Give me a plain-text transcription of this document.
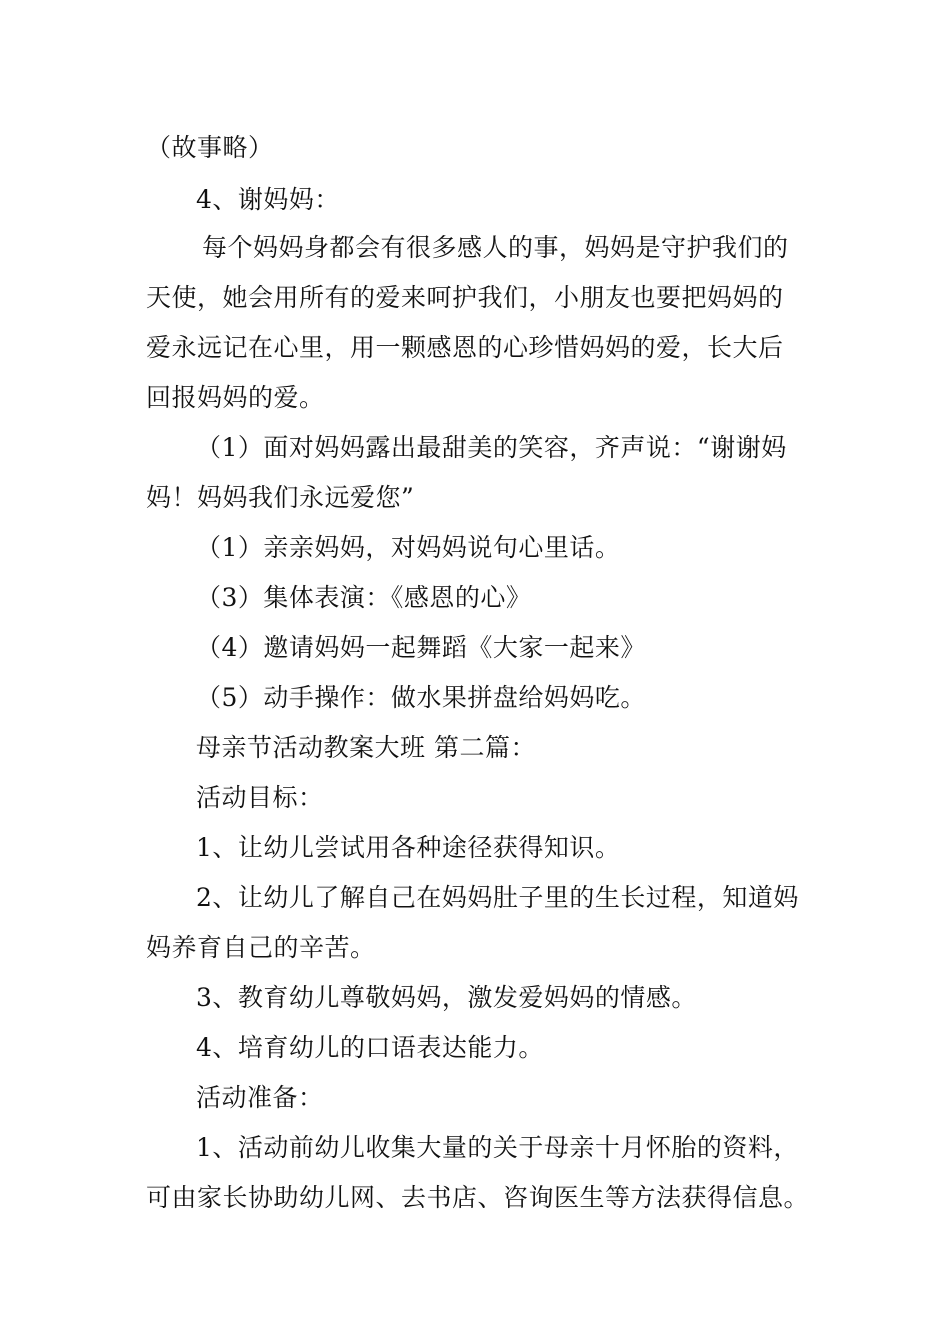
（故事略）
4、谢妈妈：
每个妈妈身都会有很多感人的事，妈妈是守护我们的
天使，她会用所有的爱来呵护我们，小朋友也要把妈妈的
爱永远记在心里，用一颗感恩的心珍惜妈妈的爱，长大后
回报妈妈的爱。
（1）面对妈妈露出最甜美的笑容，齐声说：“谢谢妈
妈！妈妈我们永远爱您”
（1）亲亲妈妈，对妈妈说句心里话。
（3）集体表演：《感恩的心》
（4）邀请妈妈一起舞蹈《大家一起来》
（5）动手操作：做水果拼盘给妈妈吃。
母亲节活动教案大班 第二篇：
活动目标：
1、让幼儿尝试用各种途径获得知识。
2、让幼儿了解自己在妈妈肚子里的生长过程，知道妈
妈养育自己的辛苦。
3、教育幼儿尊敬妈妈，激发爱妈妈的情感。
4、培育幼儿的口语表达能力。
活动准备：
1、活动前幼儿收集大量的关于母亲十月怀胎的资料，
可由家长协助幼儿网、去书店、咨询医生等方法获得信息。
